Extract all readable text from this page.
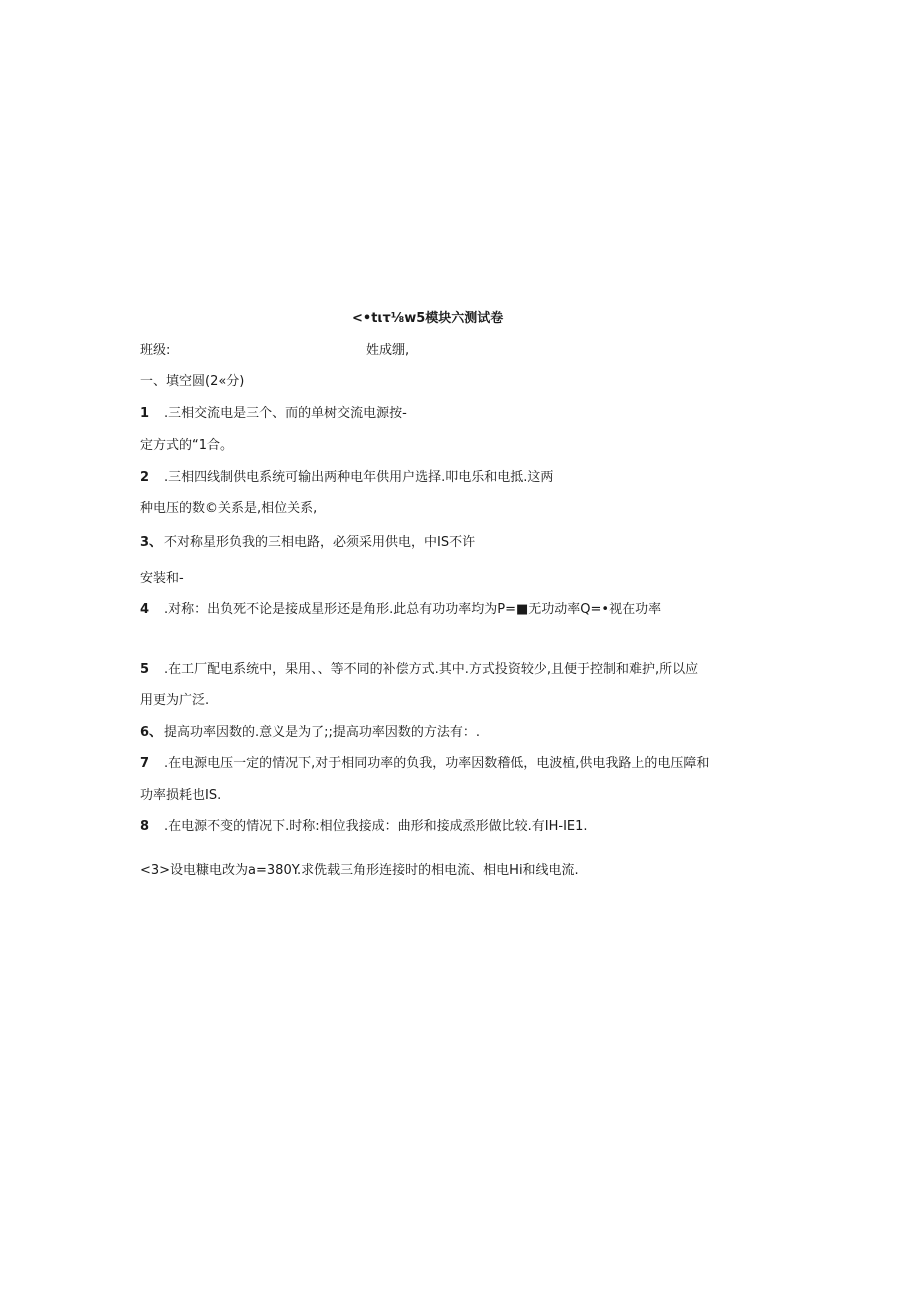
<•tιτ⅛w5模块六测试卷
班级:	姓成绷,
一、填空圆(2«分)
1 .三相交流电是三个、而的单树交流电源按-
定方式的“1合。
2 .三相四线制供电系统可输出两种电年供用户选择.叩电乐和电抵.这两
种电压的数©关系是,相位关系,
3、 不对称星形负我的三相电路，必须采用供电，中IS不许
安装和-
4 .对称：出负死不论是接成星形还是角形.此总有功功率均为P=■无功动率Q=•视在功率
5 .在工厂配电系统中，果用、、等不同的补偿方式.其中.方式投资较少,且便于控制和难护,所以应
用更为广泛.
6、 提高功率因数的.意义是为了;;提高功率因数的方法有：.
7 .在电源电压一定的情况下,对于相同功率的负我，功率因数稽低，电波植,供电我路上的电压障和
功率损耗也IS.
8 .在电源不变的情况下.时称:相位我接成：曲形和接成烝形做比较.有IH-IE1.
<3>设电糠电改为a=380Y.求侁载三角形连接时的相电流、相电Hi和线电流.
